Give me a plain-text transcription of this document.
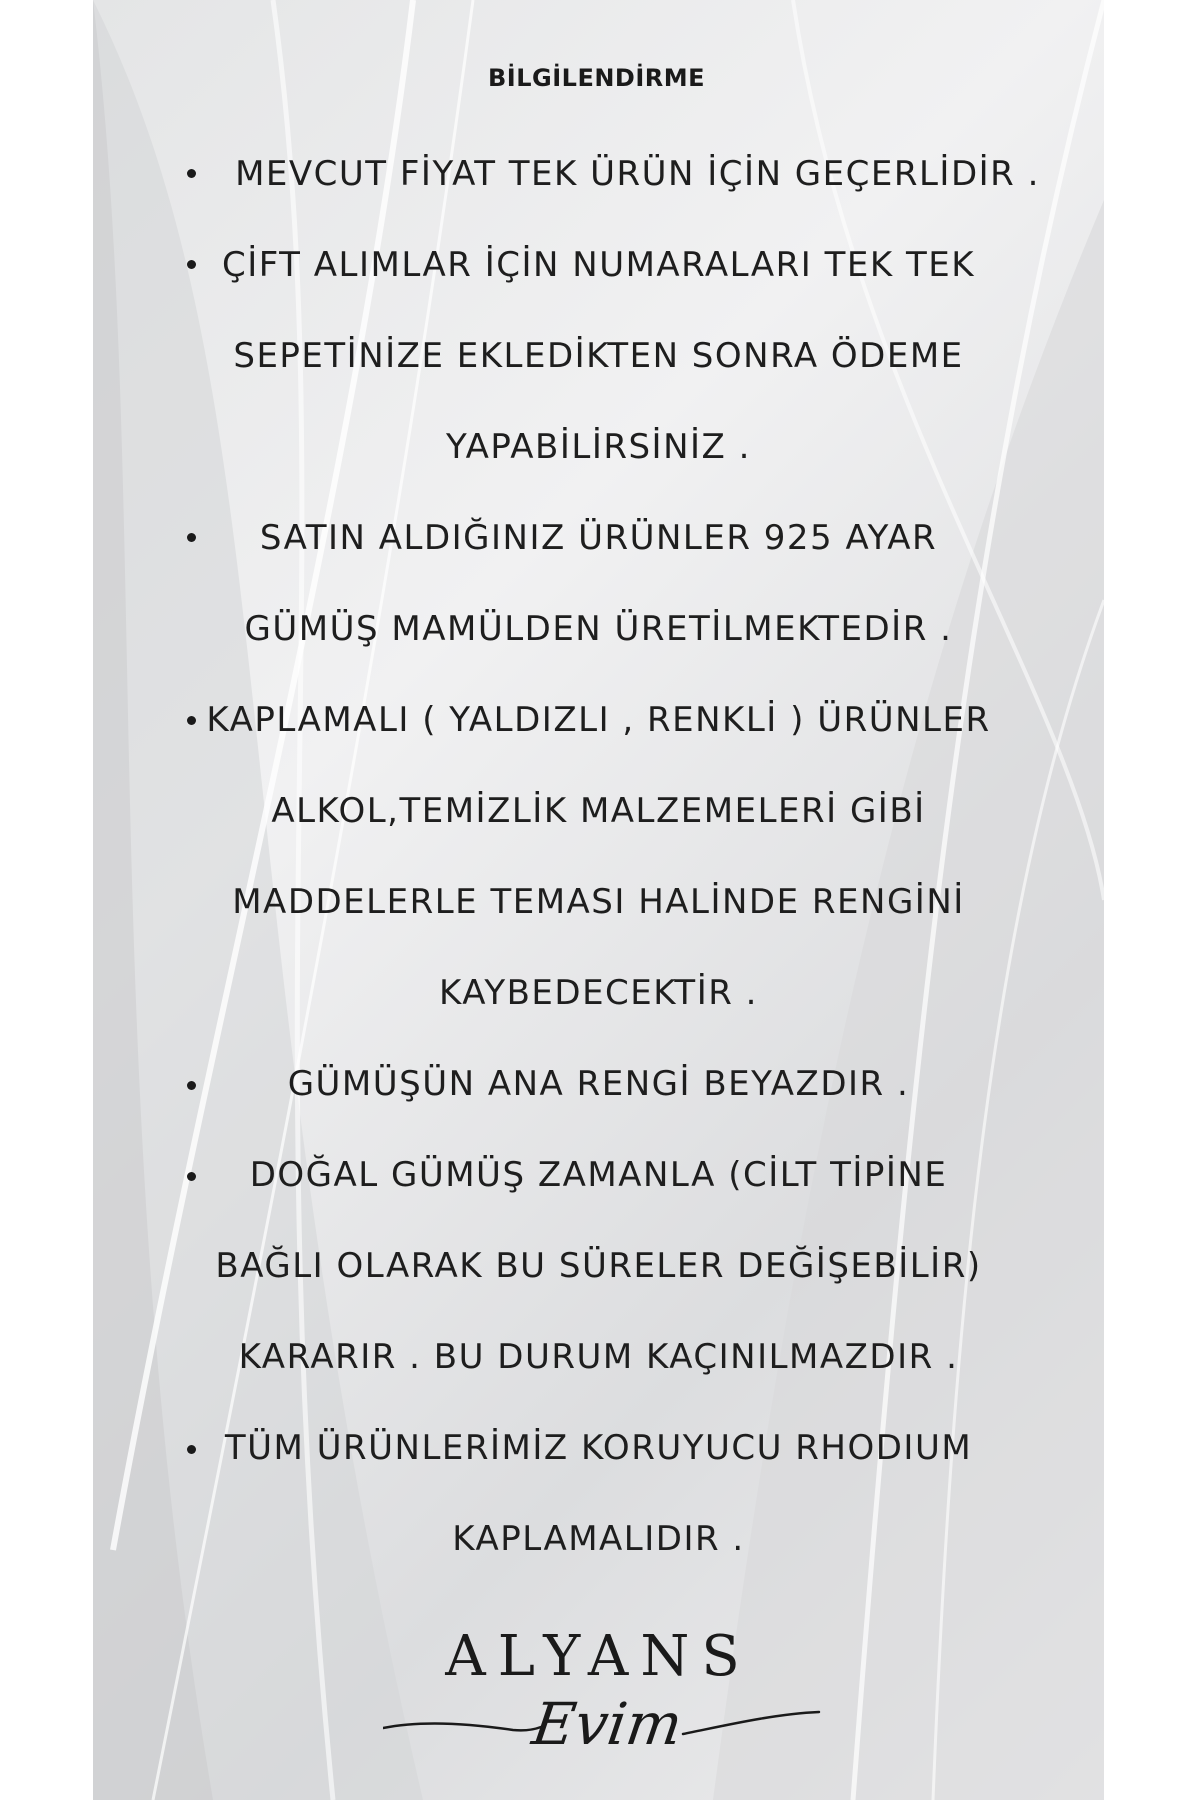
BİLGİLENDİRME
MEVCUT FİYAT TEK ÜRÜN İÇİN GEÇERLİDİR .
ÇİFT ALIMLAR İÇİN NUMARALARI TEK TEK
SEPETİNİZE EKLEDİKTEN SONRA ÖDEME
YAPABİLİRSİNİZ .
SATIN ALDIĞINIZ ÜRÜNLER 925 AYAR
GÜMÜŞ MAMÜLDEN ÜRETİLMEKTEDİR .
KAPLAMALI ( YALDIZLI , RENKLİ ) ÜRÜNLER
ALKOL,TEMİZLİK MALZEMELERİ GİBİ
MADDELERLE TEMASI HALİNDE RENGİNİ
KAYBEDECEKTİR .
GÜMÜŞÜN ANA RENGİ BEYAZDIR .
DOĞAL GÜMÜŞ ZAMANLA (CİLT TİPİNE
BAĞLI OLARAK BU SÜRELER DEĞİŞEBİLİR)
KARARIR . BU DURUM KAÇINILMAZDIR .
TÜM ÜRÜNLERİMİZ KORUYUCU RHODIUM
KAPLAMALIDIR .
ALYANS
Evim
